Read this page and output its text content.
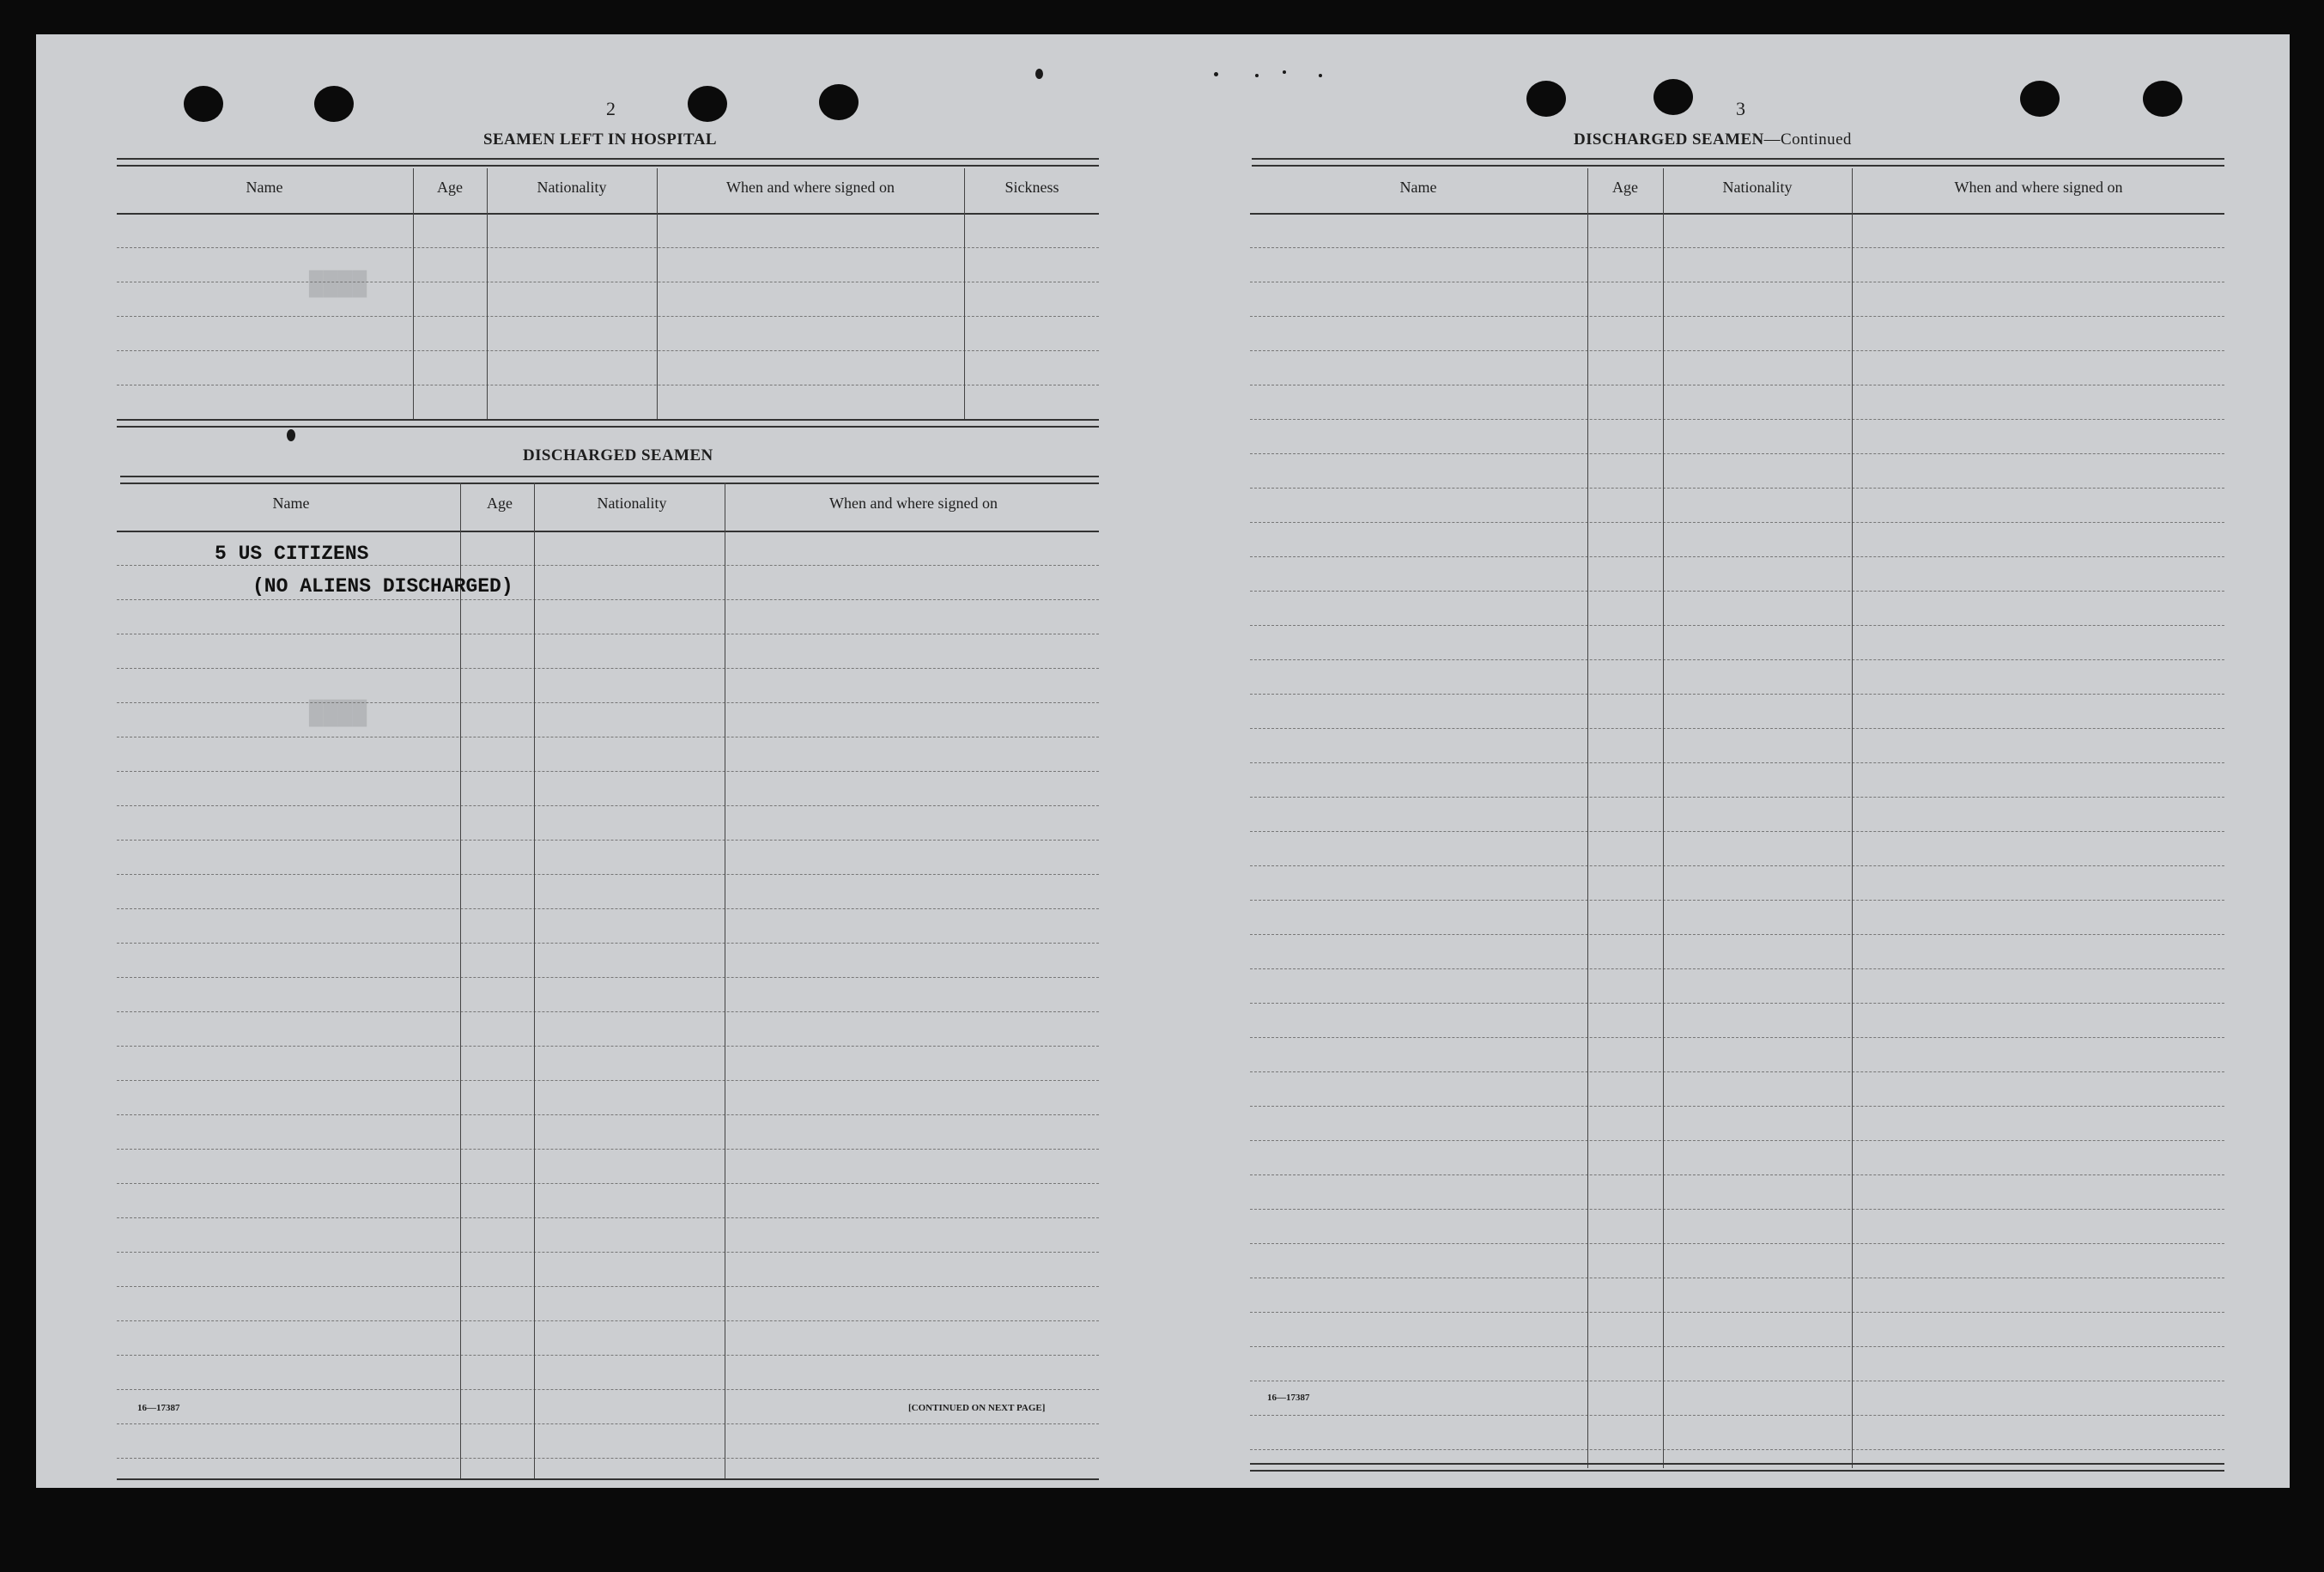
████
████
2
SEAMEN LEFT IN HOSPITAL
Name	Age	Nationality	When and where signed on	Sickness
DISCHARGED SEAMEN
Name	Age	Nationality	When and where signed on
5 US CITIZENS
(NO ALIENS DISCHARGED)
16—17387	[CONTINUED ON NEXT PAGE]
3
DISCHARGED SEAMEN—Continued
Name	Age	Nationality	When and where signed on
16—17387
